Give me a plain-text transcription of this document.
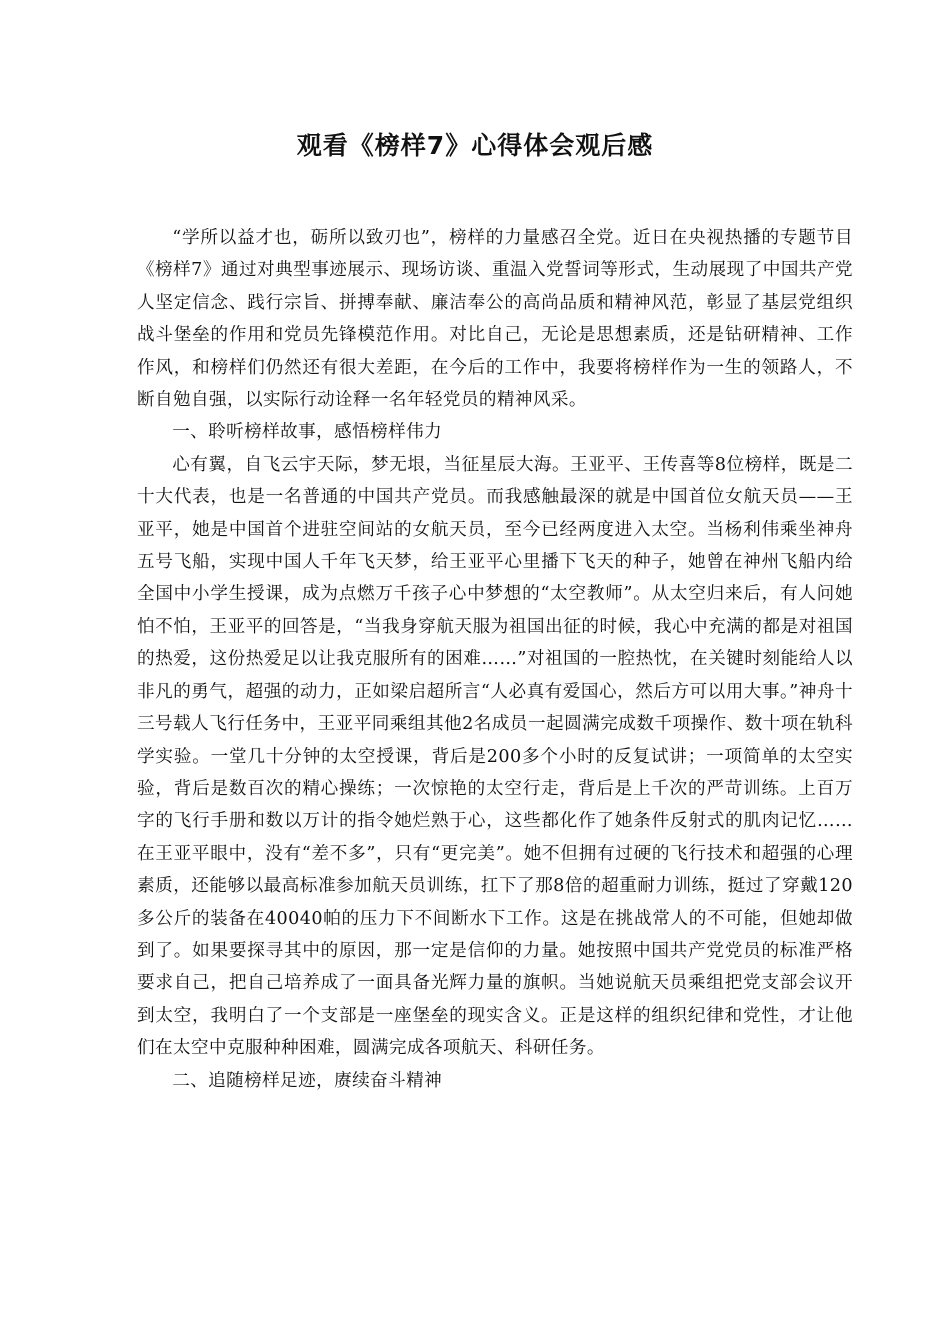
观看《榜样7》心得体会观后感

“学所以益才也，砺所以致刃也”，榜样的力量感召全党。近日在央视热播的专题节目《榜样7》通过对典型事迹展示、现场访谈、重温入党誓词等形式，生动展现了中国共产党人坚定信念、践行宗旨、拼搏奉献、廉洁奉公的高尚品质和精神风范，彰显了基层党组织战斗堡垒的作用和党员先锋模范作用。对比自己，无论是思想素质，还是钻研精神、工作作风，和榜样们仍然还有很大差距，在今后的工作中，我要将榜样作为一生的领路人，不断自勉自强，以实际行动诠释一名年轻党员的精神风采。

一、聆听榜样故事，感悟榜样伟力

心有翼，自飞云宇天际，梦无垠，当征星辰大海。王亚平、王传喜等8位榜样，既是二十大代表，也是一名普通的中国共产党员。而我感触最深的就是中国首位女航天员——王亚平，她是中国首个进驻空间站的女航天员，至今已经两度进入太空。当杨利伟乘坐神舟五号飞船，实现中国人千年飞天梦，给王亚平心里播下飞天的种子，她曾在神州飞船内给全国中小学生授课，成为点燃万千孩子心中梦想的“太空教师”。从太空归来后，有人问她怕不怕，王亚平的回答是，“当我身穿航天服为祖国出征的时候，我心中充满的都是对祖国的热爱，这份热爱足以让我克服所有的困难……”对祖国的一腔热忱，在关键时刻能给人以非凡的勇气，超强的动力，正如梁启超所言“人必真有爱国心，然后方可以用大事。”神舟十三号载人飞行任务中，王亚平同乘组其他2名成员一起圆满完成数千项操作、数十项在轨科学实验。一堂几十分钟的太空授课，背后是200多个小时的反复试讲；一项简单的太空实验，背后是数百次的精心操练；一次惊艳的太空行走，背后是上千次的严苛训练。上百万字的飞行手册和数以万计的指令她烂熟于心，这些都化作了她条件反射式的肌肉记忆……在王亚平眼中，没有“差不多”，只有“更完美”。她不但拥有过硬的飞行技术和超强的心理素质，还能够以最高标准参加航天员训练，扛下了那8倍的超重耐力训练，挺过了穿戴120多公斤的装备在40040帕的压力下不间断水下工作。这是在挑战常人的不可能，但她却做到了。如果要探寻其中的原因，那一定是信仰的力量。她按照中国共产党党员的标准严格要求自己，把自己培养成了一面具备光辉力量的旗帜。当她说航天员乘组把党支部会议开到太空，我明白了一个支部是一座堡垒的现实含义。正是这样的组织纪律和党性，才让他们在太空中克服种种困难，圆满完成各项航天、科研任务。

二、追随榜样足迹，赓续奋斗精神
